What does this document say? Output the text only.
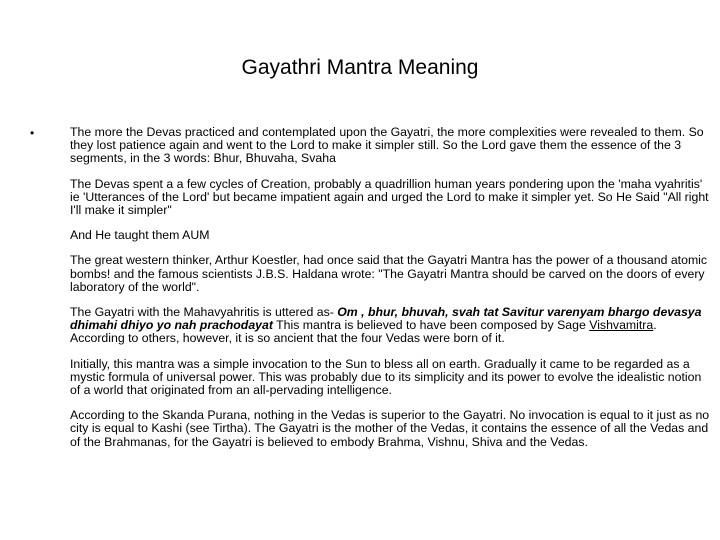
Gayathri Mantra Meaning
•	The more the Devas practiced and contemplated upon the Gayatri, the more complexities were revealed to them. So they lost patience again and went to the Lord to make it simpler still. So the Lord gave them the essence of the 3 segments, in the 3 words: Bhur, Bhuvaha, Svaha

The Devas spent a a few cycles of Creation, probably a quadrillion human years pondering upon the 'maha vyahritis' ie 'Utterances of the Lord' but became impatient again and urged the Lord to make it simpler yet. So He Said "All right I'll make it simpler"

And He taught them AUM

The great western thinker, Arthur Koestler, had once said that the Gayatri Mantra has the power of a thousand atomic bombs! and the famous scientists J.B.S. Haldana wrote: "The Gayatri Mantra should be carved on the doors of every laboratory of the world".

The Gayatri with the Mahavyahritis is uttered as- Om , bhur, bhuvah, svah tat Savitur varenyam bhargo devasya dhimahi dhiyo yo nah prachodayat This mantra is believed to have been composed by Sage Vishvamitra. According to others, however, it is so ancient that the four Vedas were born of it.

Initially, this mantra was a simple invocation to the Sun to bless all on earth. Gradually it came to be regarded as a mystic formula of universal power. This was probably due to its simplicity and its power to evolve the idealistic notion of a world that originated from an all-pervading intelligence.

According to the Skanda Purana, nothing in the Vedas is superior to the Gayatri. No invocation is equal to it just as no city is equal to Kashi (see Tirtha). The Gayatri is the mother of the Vedas, it contains the essence of all the Vedas and of the Brahmanas, for the Gayatri is believed to embody Brahma, Vishnu, Shiva and the Vedas.
